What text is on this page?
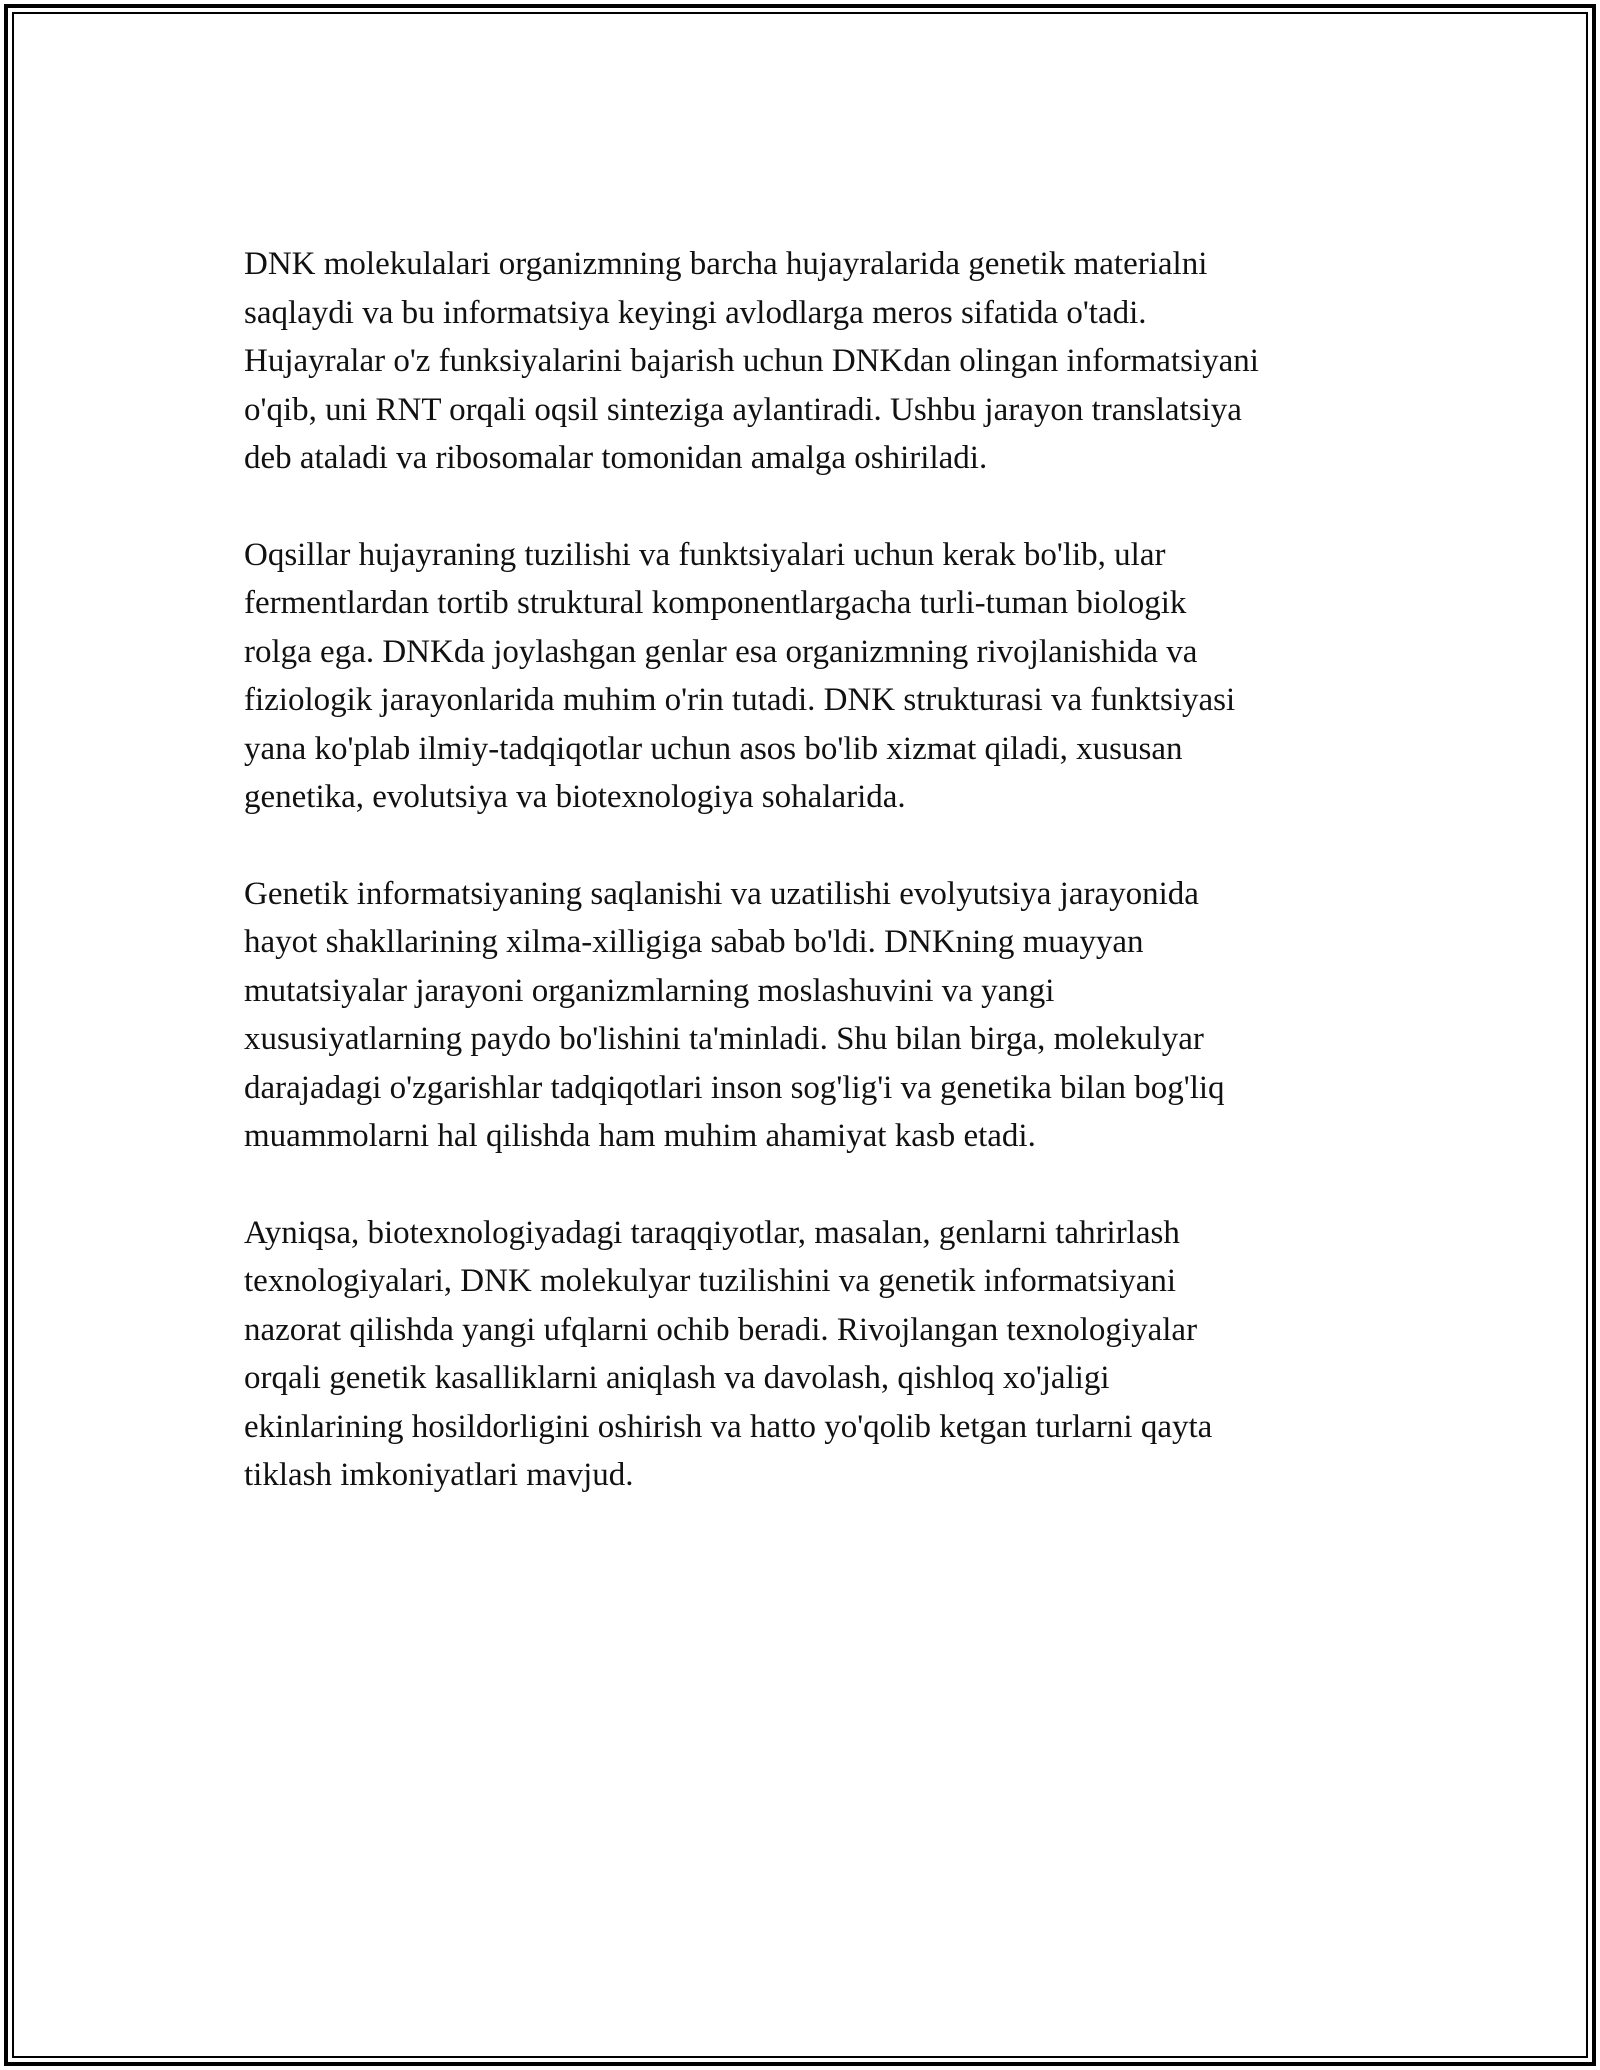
DNK molekulalari organizmning barcha hujayralarida genetik materialni
saqlaydi va bu informatsiya keyingi avlodlarga meros sifatida o'tadi.
Hujayralar o'z funksiyalarini bajarish uchun DNKdan olingan informatsiyani
o'qib, uni RNT orqali oqsil sinteziga aylantiradi. Ushbu jarayon translatsiya
deb ataladi va ribosomalar tomonidan amalga oshiriladi.

Oqsillar hujayraning tuzilishi va funktsiyalari uchun kerak bo'lib, ular
fermentlardan tortib struktural komponentlargacha turli-tuman biologik
rolga ega. DNKda joylashgan genlar esa organizmning rivojlanishida va
fiziologik jarayonlarida muhim o'rin tutadi. DNK strukturasi va funktsiyasi
yana ko'plab ilmiy-tadqiqotlar uchun asos bo'lib xizmat qiladi, xususan
genetika, evolutsiya va biotexnologiya sohalarida.

Genetik informatsiyaning saqlanishi va uzatilishi evolyutsiya jarayonida
hayot shakllarining xilma-xilligiga sabab bo'ldi. DNKning muayyan
mutatsiyalar jarayoni organizmlarning moslashuvini va yangi
xususiyatlarning paydo bo'lishini ta'minladi. Shu bilan birga, molekulyar
darajadagi o'zgarishlar tadqiqotlari inson sog'lig'i va genetika bilan bog'liq
muammolarni hal qilishda ham muhim ahamiyat kasb etadi.

Ayniqsa, biotexnologiyadagi taraqqiyotlar, masalan, genlarni tahrirlash
texnologiyalari, DNK molekulyar tuzilishini va genetik informatsiyani
nazorat qilishda yangi ufqlarni ochib beradi. Rivojlangan texnologiyalar
orqali genetik kasalliklarni aniqlash va davolash, qishloq xo'jaligi
ekinlarining hosildorligini oshirish va hatto yo'qolib ketgan turlarni qayta
tiklash imkoniyatlari mavjud.
